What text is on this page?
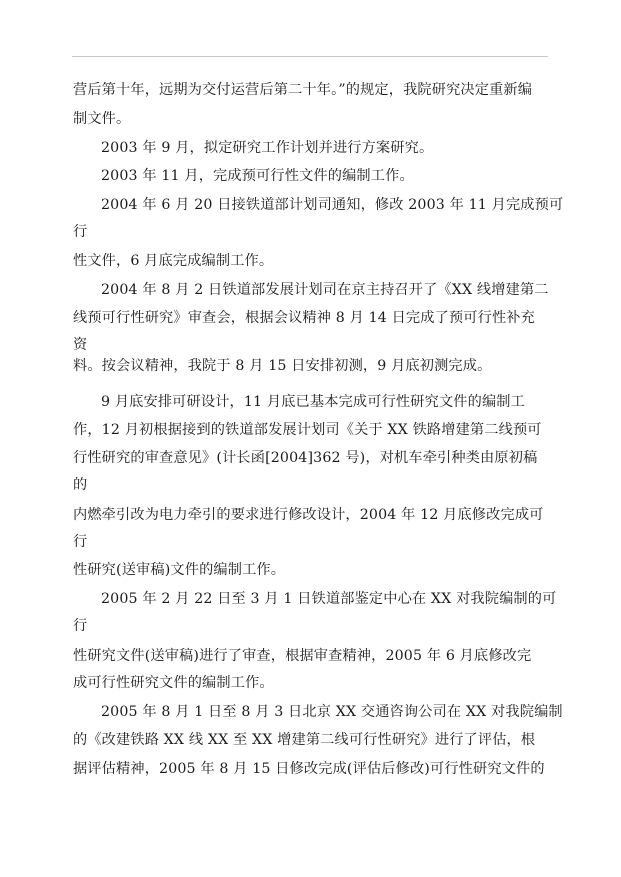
营后第十年，远期为交付运营后第二十年。”的规定，我院研究决定重新编
制文件。
2003 年 9 月，拟定研究工作计划并进行方案研究。
2003 年 11 月，完成预可行性文件的编制工作。
2004 年 6 月 20 日接铁道部计划司通知，修改 2003 年 11 月完成预可
行
性文件，6 月底完成编制工作。
2004 年 8 月 2 日铁道部发展计划司在京主持召开了《XX 线增建第二
线预可行性研究》审查会，根据会议精神 8 月 14 日完成了预可行性补充
资
料。按会议精神，我院于 8 月 15 日安排初测，9 月底初测完成。
9 月底安排可研设计，11 月底已基本完成可行性研究文件的编制工
作，12 月初根据接到的铁道部发展计划司《关于 XX 铁路增建第二线预可
行性研究的审查意见》(计长函[2004]362 号)，对机车牵引种类由原初稿
的
内燃牵引改为电力牵引的要求进行修改设计，2004 年 12 月底修改完成可
行
性研究(送审稿)文件的编制工作。
2005 年 2 月 22 日至 3 月 1 日铁道部鉴定中心在 XX 对我院编制的可
行
性研究文件(送审稿)进行了审查，根据审查精神，2005 年 6 月底修改完
成可行性研究文件的编制工作。
2005 年 8 月 1 日至 8 月 3 日北京 XX 交通咨询公司在 XX 对我院编制
的《改建铁路 XX 线 XX 至 XX 增建第二线可行性研究》进行了评估，根
据评估精神，2005 年 8 月 15 日修改完成(评估后修改)可行性研究文件的
